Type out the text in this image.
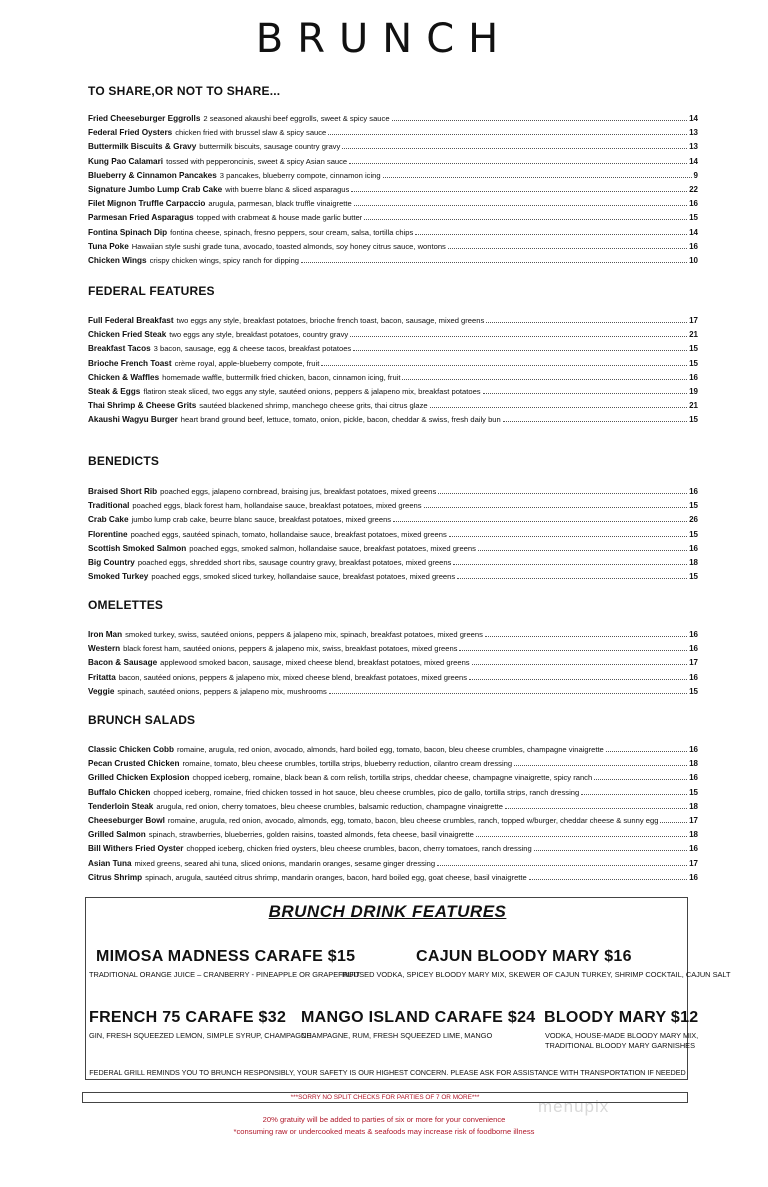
BRUNCH
TO SHARE,OR NOT TO SHARE...
Fried Cheeseburger Eggrolls 2 seasoned akaushi beef eggrolls, sweet & spicy sauce	14
Federal Fried Oysters chicken fried with brussel slaw & spicy sauce	13
Buttermilk Biscuits & Gravy buttermilk biscuits, sausage country gravy	13
Kung Pao Calamari tossed with pepperoncinis, sweet & spicy Asian sauce	14
Blueberry & Cinnamon Pancakes 3 pancakes, blueberry compote, cinnamon icing	9
Signature Jumbo Lump Crab Cake with buerre blanc & sliced asparagus	22
Filet Mignon Truffle Carpaccio arugula, parmesan, black truffle vinaigrette	16
Parmesan Fried Asparagus topped with crabmeat & house made garlic butter	15
Fontina Spinach Dip fontina cheese, spinach, fresno peppers, sour cream, salsa, tortilla chips	14
Tuna Poke Hawaiian style sushi grade tuna, avocado, toasted almonds, soy honey citrus sauce, wontons	16
Chicken Wings crispy chicken wings, spicy ranch for dipping	10
FEDERAL FEATURES
Full Federal Breakfast two eggs any style, breakfast potatoes, brioche french toast, bacon, sausage, mixed greens	17
Chicken Fried Steak two eggs any style, breakfast potatoes, country gravy	21
Breakfast Tacos 3 bacon, sausage, egg & cheese tacos, breakfast potatoes	15
Brioche French Toast crème royal, apple-blueberry compote, fruit	15
Chicken & Waffles homemade waffle, buttermilk fried chicken, bacon, cinnamon icing, fruit	16
Steak & Eggs flatiron steak sliced, two eggs any style, sautéed onions, peppers & jalapeno mix, breakfast potatoes	19
Thai Shrimp & Cheese Grits sautéed blackened shrimp, manchego cheese grits, thai citrus glaze	21
Akaushi Wagyu Burger heart brand ground beef, lettuce, tomato, onion, pickle, bacon, cheddar & swiss, fresh daily bun	15
BENEDICTS
Braised Short Rib poached eggs, jalapeno cornbread, braising jus, breakfast potatoes, mixed greens	16
Traditional poached eggs, black forest ham, hollandaise sauce, breakfast potatoes, mixed greens	15
Crab Cake jumbo lump crab cake, beurre blanc sauce, breakfast potatoes, mixed greens	26
Florentine poached eggs, sautéed spinach, tomato, hollandaise sauce, breakfast potatoes, mixed greens	15
Scottish Smoked Salmon poached eggs, smoked salmon, hollandaise sauce, breakfast potatoes, mixed greens	16
Big Country poached eggs, shredded short ribs, sausage country gravy, breakfast potatoes, mixed greens	18
Smoked Turkey poached eggs, smoked sliced turkey, hollandaise sauce, breakfast potatoes, mixed greens	15
OMELETTES
Iron Man smoked turkey, swiss, sautéed onions, peppers & jalapeno mix, spinach, breakfast potatoes, mixed greens	16
Western black forest ham, sautéed onions, peppers & jalapeno mix, swiss, breakfast potatoes, mixed greens	16
Bacon & Sausage applewood smoked bacon, sausage, mixed cheese blend, breakfast potatoes, mixed greens	17
Fritatta bacon, sautéed onions, peppers & jalapeno mix, mixed cheese blend, breakfast potatoes, mixed greens	16
Veggie spinach, sautéed onions, peppers & jalapeno mix, mushrooms	15
BRUNCH SALADS
Classic Chicken Cobb romaine, arugula, red onion, avocado, almonds, hard boiled egg, tomato, bacon, bleu cheese crumbles, champagne vinaigrette	16
Pecan Crusted Chicken romaine, tomato, bleu cheese crumbles, tortilla strips, blueberry reduction, cilantro cream dressing	18
Grilled Chicken Explosion chopped iceberg, romaine, black bean & corn relish, tortilla strips, cheddar cheese, champagne vinaigrette, spicy ranch	16
Buffalo Chicken chopped iceberg, romaine, fried chicken tossed in hot sauce, bleu cheese crumbles, pico de gallo, tortilla strips, ranch dressing	15
Tenderloin Steak arugula, red onion, cherry tomatoes, bleu cheese crumbles, balsamic reduction, champagne vinaigrette	18
Cheeseburger Bowl romaine, arugula, red onion, avocado, almonds, egg, tomato, bacon, bleu cheese crumbles, ranch, topped w/burger, cheddar cheese & sunny egg	17
Grilled Salmon spinach, strawberries, blueberries, golden raisins, toasted almonds, feta cheese, basil vinaigrette	18
Bill Withers Fried Oyster chopped iceberg, chicken fried oysters, bleu cheese crumbles, bacon, cherry tomatoes, ranch dressing	16
Asian Tuna mixed greens, seared ahi tuna, sliced onions, mandarin oranges, sesame ginger dressing	17
Citrus Shrimp spinach, arugula, sautéed citrus shrimp, mandarin oranges, bacon, hard boiled egg, goat cheese, basil vinaigrette	16
BRUNCH DRINK FEATURES
MIMOSA MADNESS CARAFE $15
TRADITIONAL ORANGE JUICE – CRANBERRY - PINEAPPLE OR GRAPEFRUIT
CAJUN BLOODY MARY $16
INFUSED VODKA, SPICEY BLOODY MARY MIX, SKEWER OF CAJUN TURKEY, SHRIMP COCKTAIL, CAJUN SALT
FRENCH 75 CARAFE $32
GIN, FRESH SQUEEZED LEMON, SIMPLE SYRUP, CHAMPAGNE
MANGO ISLAND CARAFE $24
CHAMPAGNE, RUM, FRESH SQUEEZED LIME, MANGO
BLOODY MARY $12
VODKA, HOUSE-MADE BLOODY MARY MIX,
TRADITIONAL BLOODY MARY GARNISHES
FEDERAL GRILL REMINDS YOU TO BRUNCH RESPONSIBLY, YOUR SAFETY IS OUR HIGHEST CONCERN. PLEASE ASK FOR ASSISTANCE WITH TRANSPORTATION IF NEEDED
***SORRY NO SPLIT CHECKS FOR PARTIES OF 7 OR MORE***	menupix
20% gratuity will be added to parties of six or more for your convenience
*consuming raw or undercooked meats & seafoods may increase risk of foodborne illness
